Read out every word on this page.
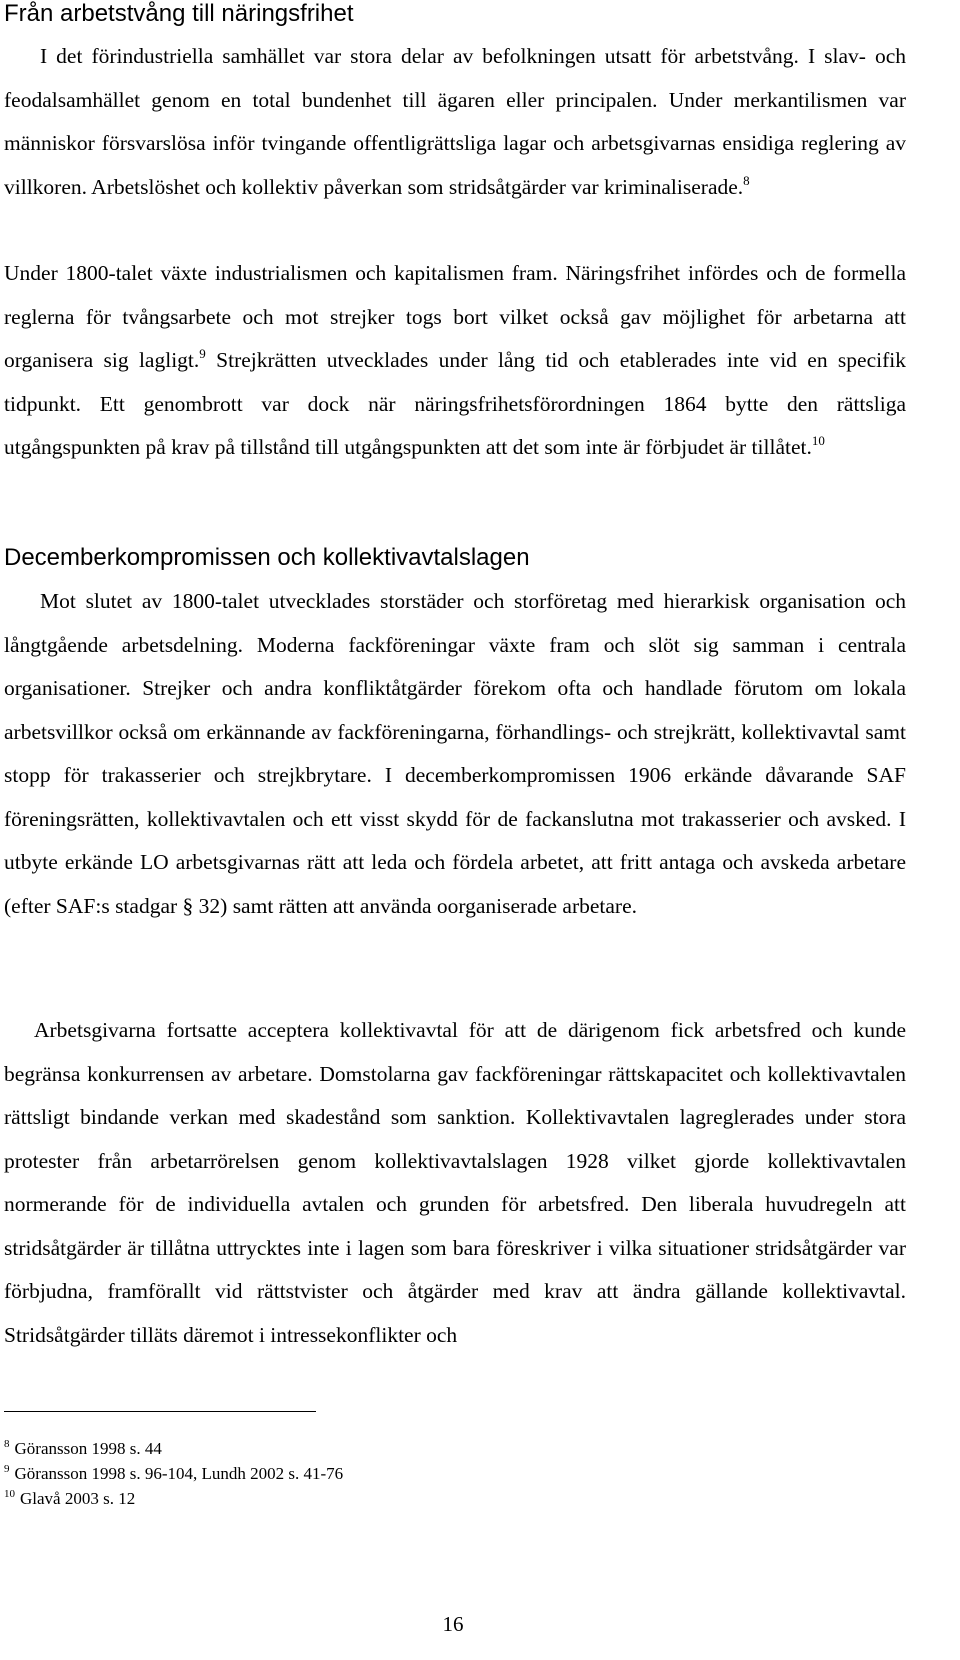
Från arbetstvång till näringsfrihet

I det förindustriella samhället var stora delar av befolkningen utsatt för arbetstvång. I slav- och feodalsamhället genom en total bundenhet till ägaren eller principalen. Under merkantilismen var människor försvarslösa inför tvingande offentligrättsliga lagar och arbetsgivarnas ensidiga reglering av villkoren. Arbetslöshet och kollektiv påverkan som stridsåtgärder var kriminaliserade.$^8$

Under 1800-talet växte industrialismen och kapitalismen fram. Näringsfrihet infördes och de formella reglerna för tvångsarbete och mot strejker togs bort vilket också gav möjlighet för arbetarna att organisera sig lagligt.$^9$ Strejkrätten utvecklades under lång tid och etablerades inte vid en specifik tidpunkt. Ett genombrott var dock när näringsfrihetsförordningen 1864 bytte den rättsliga utgångspunkten på krav på tillstånd till utgångspunkten att det som inte är förbjudet är tillåtet.$^{10}$

Decemberkompromissen och kollektivavtalslagen

Mot slutet av 1800-talet utvecklades storstäder och storföretag med hierarkisk organisation och långtgående arbetsdelning. Moderna fackföreningar växte fram och slöt sig samman i centrala organisationer. Strejker och andra konfliktåtgärder förekom ofta och handlade förutom om lokala arbetsvillkor också om erkännande av fackföreningarna, förhandlings- och strejkrätt, kollektivavtal samt stopp för trakasserier och strejkbrytare. I decemberkompromissen 1906 erkände dåvarande SAF föreningsrätten, kollektivavtalen och ett visst skydd för de fackanslutna mot trakasserier och avsked. I utbyte erkände LO arbetsgivarnas rätt att leda och fördela arbetet, att fritt antaga och avskeda arbetare (efter SAF:s stadgar § 32) samt rätten att använda oorganiserade arbetare.

Arbetsgivarna fortsatte acceptera kollektivavtal för att de därigenom fick arbetsfred och kunde begränsa konkurrensen av arbetare. Domstolarna gav fackföreningar rättskapacitet och kollektivavtalen rättsligt bindande verkan med skadestånd som sanktion. Kollektivavtalen lagreglerades under stora protester från arbetarrörelsen genom kollektivavtalslagen 1928 vilket gjorde kollektivavtalen normerande för de individuella avtalen och grunden för arbetsfred. Den liberala huvudregeln att stridsåtgärder är tillåtna uttrycktes inte i lagen som bara föreskriver i vilka situationer stridsåtgärder var förbjudna, framförallt vid rättstvister och åtgärder med krav att ändra gällande kollektivavtal. Stridsåtgärder tilläts däremot i intressekonflikter och

$^8$ Göransson 1998 s. 44
$^9$ Göransson 1998 s. 96-104, Lundh 2002 s. 41-76
$^{10}$ Glavå 2003 s. 12
16
